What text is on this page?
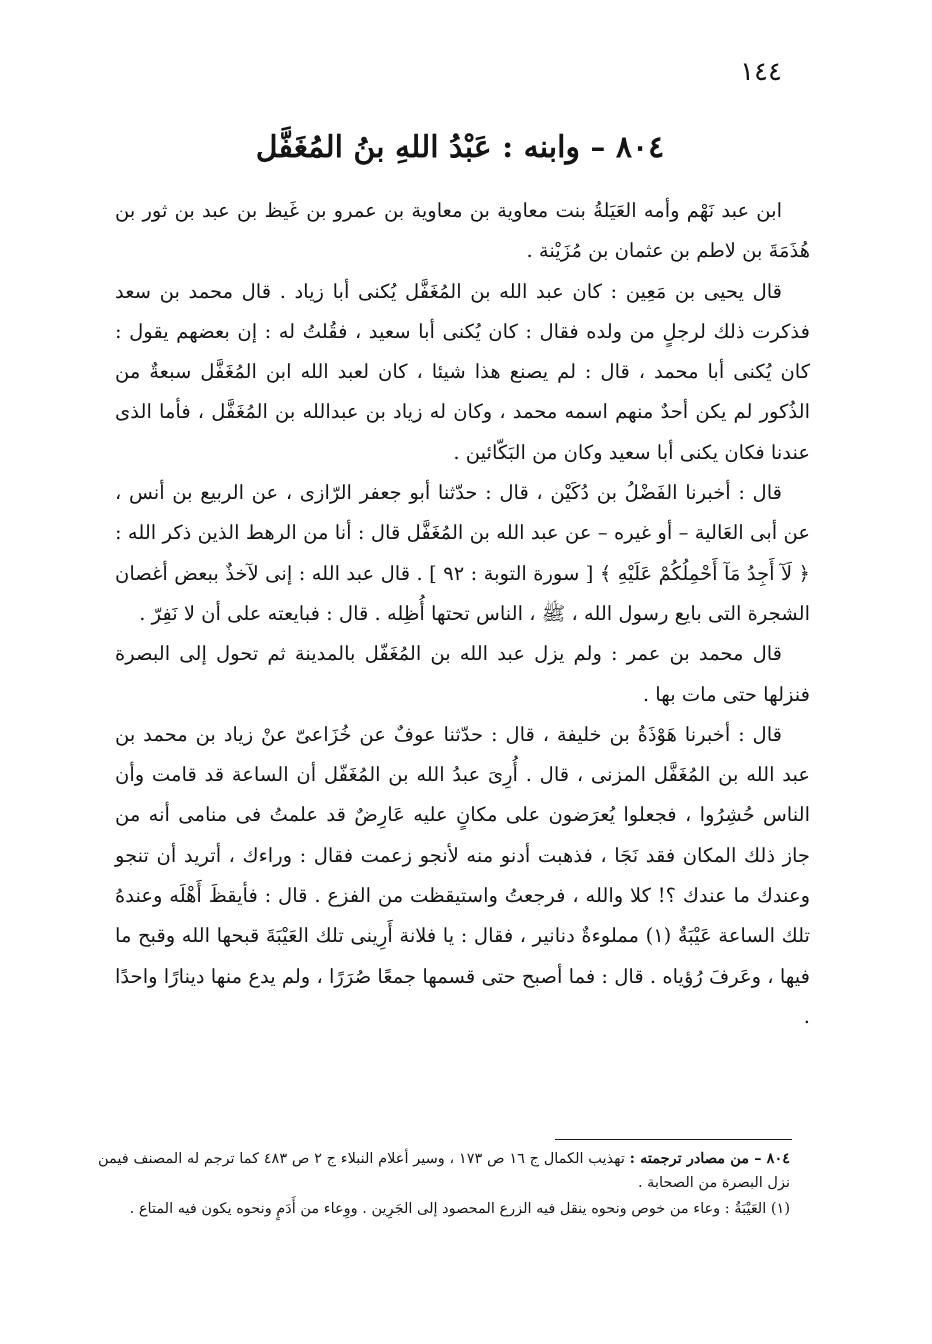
١٤٤

٨٠٤ – وابنه : عَبْدُ اللهِ بنُ المُغَفَّل

ابن عبد نَهْم وأمه العَيَلةُ بنت معاوية بن معاوية بن عمرو بن غَيظ بن عبد بن ثور بن هُذَمَةَ بن لاطم بن عثمان بن مُزَيْنة .

قال يحيى بن مَعِين : كان عبد الله بن المُغَفَّل يُكنى أبا زياد . قال محمد بن سعد فذكرت ذلك لرجلٍ من ولده فقال : كان يُكنى أبا سعيد ، فقُلتُ له : إن بعضهم يقول : كان يُكنى أبا محمد ، قال : لم يصنع هذا شيئا ، كان لعبد الله ابن المُغَفَّل سبعةٌ من الذُكور لم يكن أحدٌ منهم اسمه محمد ، وكان له زياد بن عبدالله بن المُغَفَّل ، فأما الذى عندنا فكان يكنى أبا سعيد وكان من البَكّائين .

قال : أخبرنا الفَضْلُ بن دُكَيْن ، قال : حدّثنا أبو جعفر الرّازى ، عن الربيع بن أنس ، عن أبى العَالية – أو غيره – عن عبد الله بن المُغَفَّل قال : أنا من الرهط الذين ذكر الله : ﴿ لَآ أَجِدُ مَآ أَحْمِلُكُمْ عَلَيْهِ ﴾ [ سورة التوبة : ٩٢ ] . قال عبد الله : إنى لآخذٌ ببعض أغصان الشجرة التى بايع رسول الله ، ﷺ ، الناس تحتها أُظِله . قال : فبايعته على أن لا نَفِرّ .

قال محمد بن عمر : ولم يزل عبد الله بن المُغَفّل بالمدينة ثم تحول إلى البصرة فنزلها حتى مات بها .

قال : أخبرنا هَوْذَةُ بن خليفة ، قال : حدّثنا عوفٌ عن خُزَاعىّ عنْ زياد بن محمد بن عبد الله بن المُغَفَّل المزنى ، قال . أُرِىَ عبدُ الله بن المُغَفّل أن الساعة قد قامت وأن الناس حُشِرُوا ، فجعلوا يُعرَضون على مكانٍ عليه عَارِضٌ قد علمتُ فى منامى أنه من جاز ذلك المكان فقد نَجَا ، فذهبت أدنو منه لأنجو زعمت فقال : وراءك ، أتريد أن تنجو وعندك ما عندك ؟! كلا والله ، فرجعتُ واستيقظت من الفزع . قال : فأيقظَ أَهْلَه وعندهُ تلك الساعة عَيْبَةٌ (١) مملوءةٌ دنانير ، فقال : يا فلانة أَرِينى تلك العَيْبَةَ قبحها الله وقبح ما فيها ، وعَرفَ رُؤياه . قال : فما أصبح حتى قسمها جمعًا صُرَرًا ، ولم يدع منها دينارًا واحدًا .

٨٠٤ – من مصادر ترجمته : تهذيب الكمال ج ١٦ ص ١٧٣ ، وسير أعلام النبلاء ج ٢ ص ٤٨٣ كما ترجم له المصنف فيمن نزل البصرة من الصحابة .

(١) العَيْبَةُ : وعاء من خوص ونحوه ينقل فيه الزرع المحصود إلى الجَرِين . ووِعاء من أَدَمٍ ونحوه يكون فيه المتاع .
